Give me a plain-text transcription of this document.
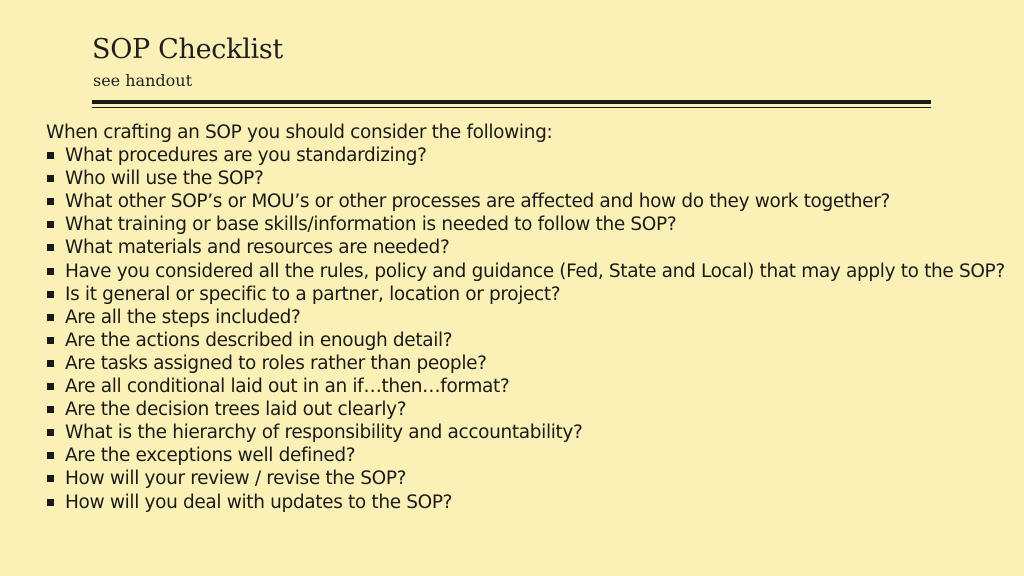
SOP Checklist
see handout
When crafting an SOP you should consider the following:
What procedures are you standardizing?
Who will use the SOP?
What other SOP’s or MOU’s or other processes are affected and how do they work together?
What training or base skills/information is needed to follow the SOP?
What materials and resources are needed?
Have you considered all the rules, policy and guidance (Fed, State and Local) that may apply to the SOP?
Is it general or specific to a partner, location or project?
Are all the steps included?
Are the actions described in enough detail?
Are tasks assigned to roles rather than people?
Are all conditional laid out in an if…then…format?
Are the decision trees laid out clearly?
What is the hierarchy of responsibility and accountability?
Are the exceptions well defined?
How will your review / revise the SOP?
How will you deal with updates to the SOP?
